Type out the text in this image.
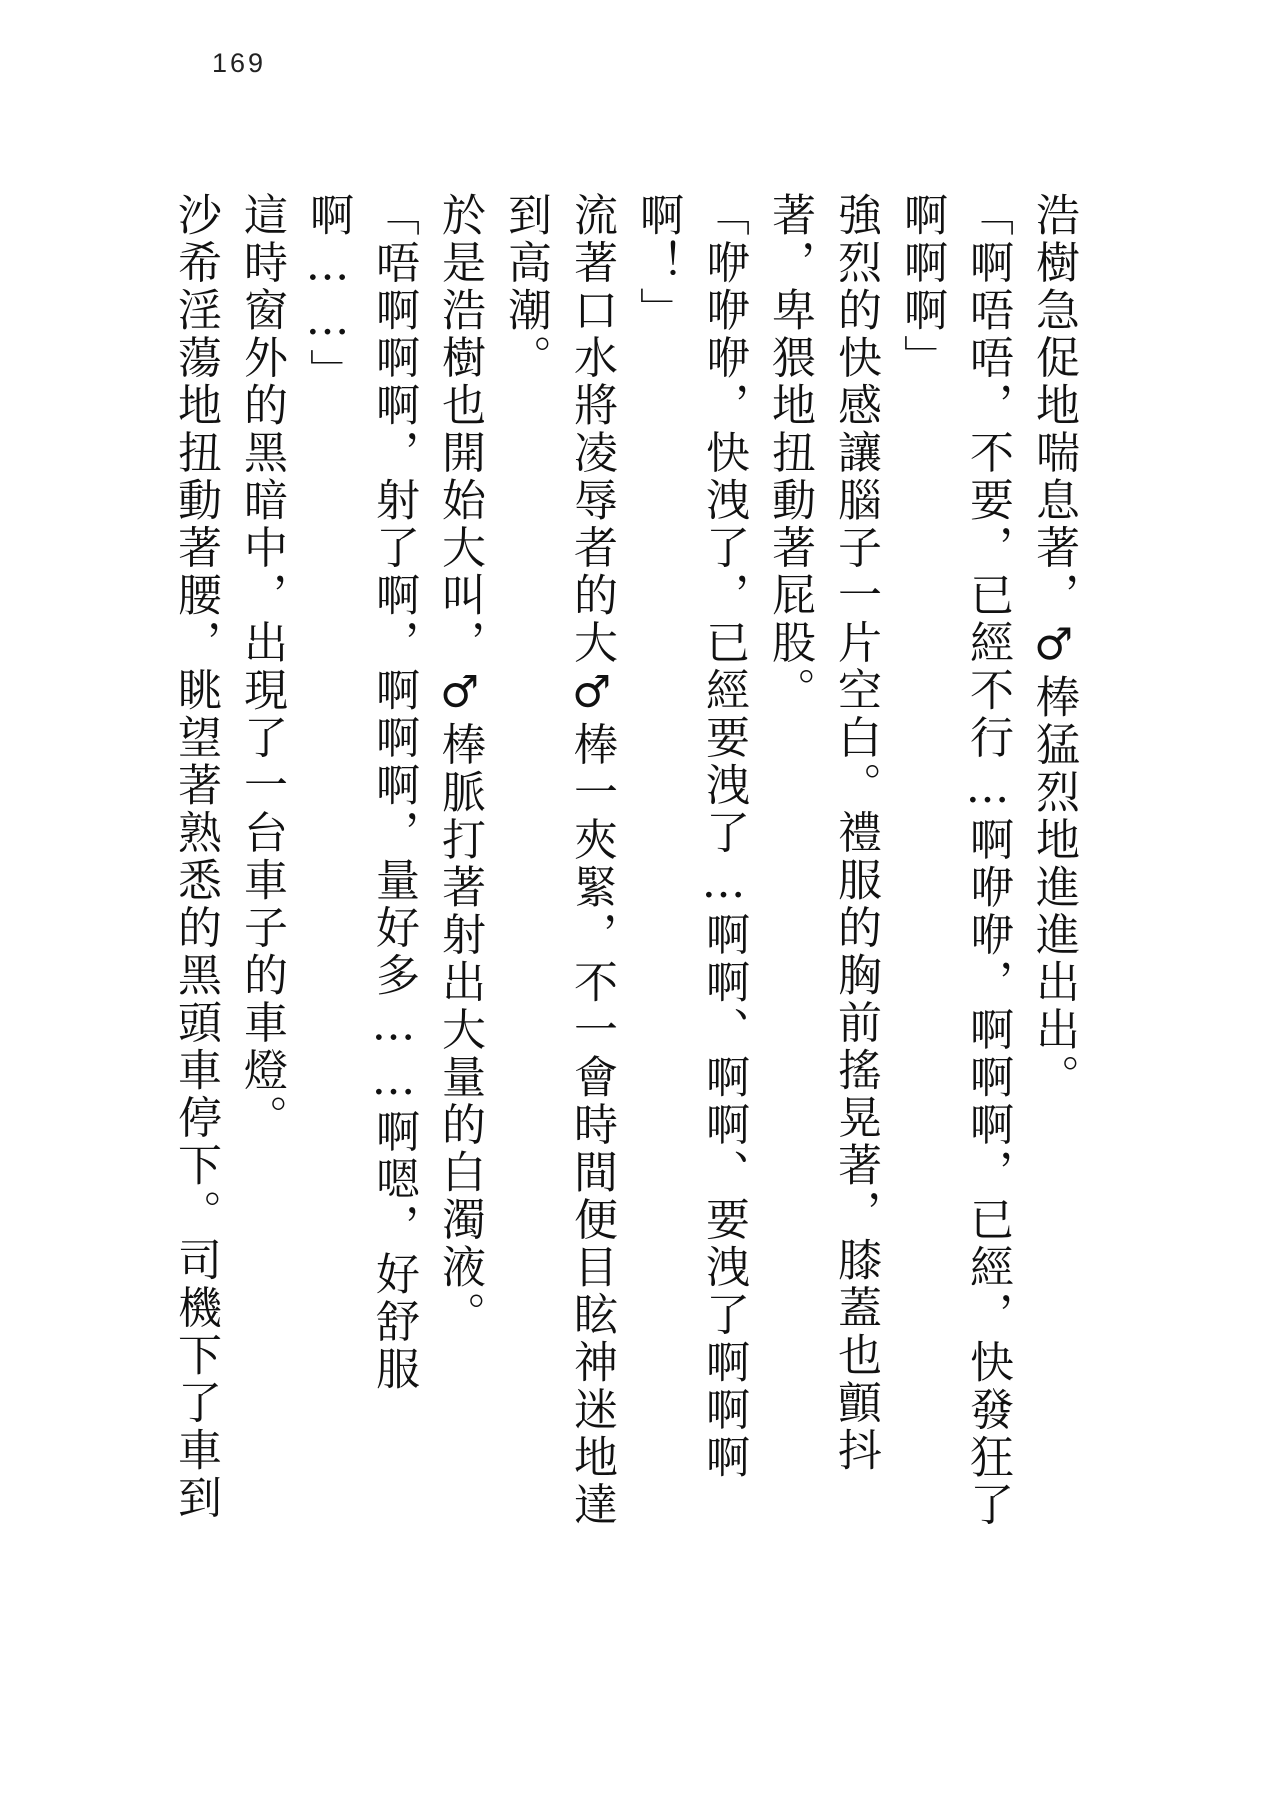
169
浩樹急促地喘息著，♂棒猛烈地進進出出。
「啊唔唔，不要，已經不行…啊咿咿，啊啊啊，已經，快發狂了
啊啊啊」
強烈的快感讓腦子一片空白。禮服的胸前搖晃著，膝蓋也顫抖
著，卑猥地扭動著屁股。
「咿咿咿，快洩了，已經要洩了…啊啊、啊啊、要洩了啊啊啊
啊！」
流著口水將凌辱者的大♂棒一夾緊，不一會時間便目眩神迷地達
到高潮。
於是浩樹也開始大叫，♂棒脈打著射出大量的白濁液。
「唔啊啊啊，射了啊，啊啊啊，量好多……啊嗯，好舒服
啊……」
這時窗外的黑暗中，出現了一台車子的車燈。
沙希淫蕩地扭動著腰，眺望著熟悉的黑頭車停下。司機下了車到
